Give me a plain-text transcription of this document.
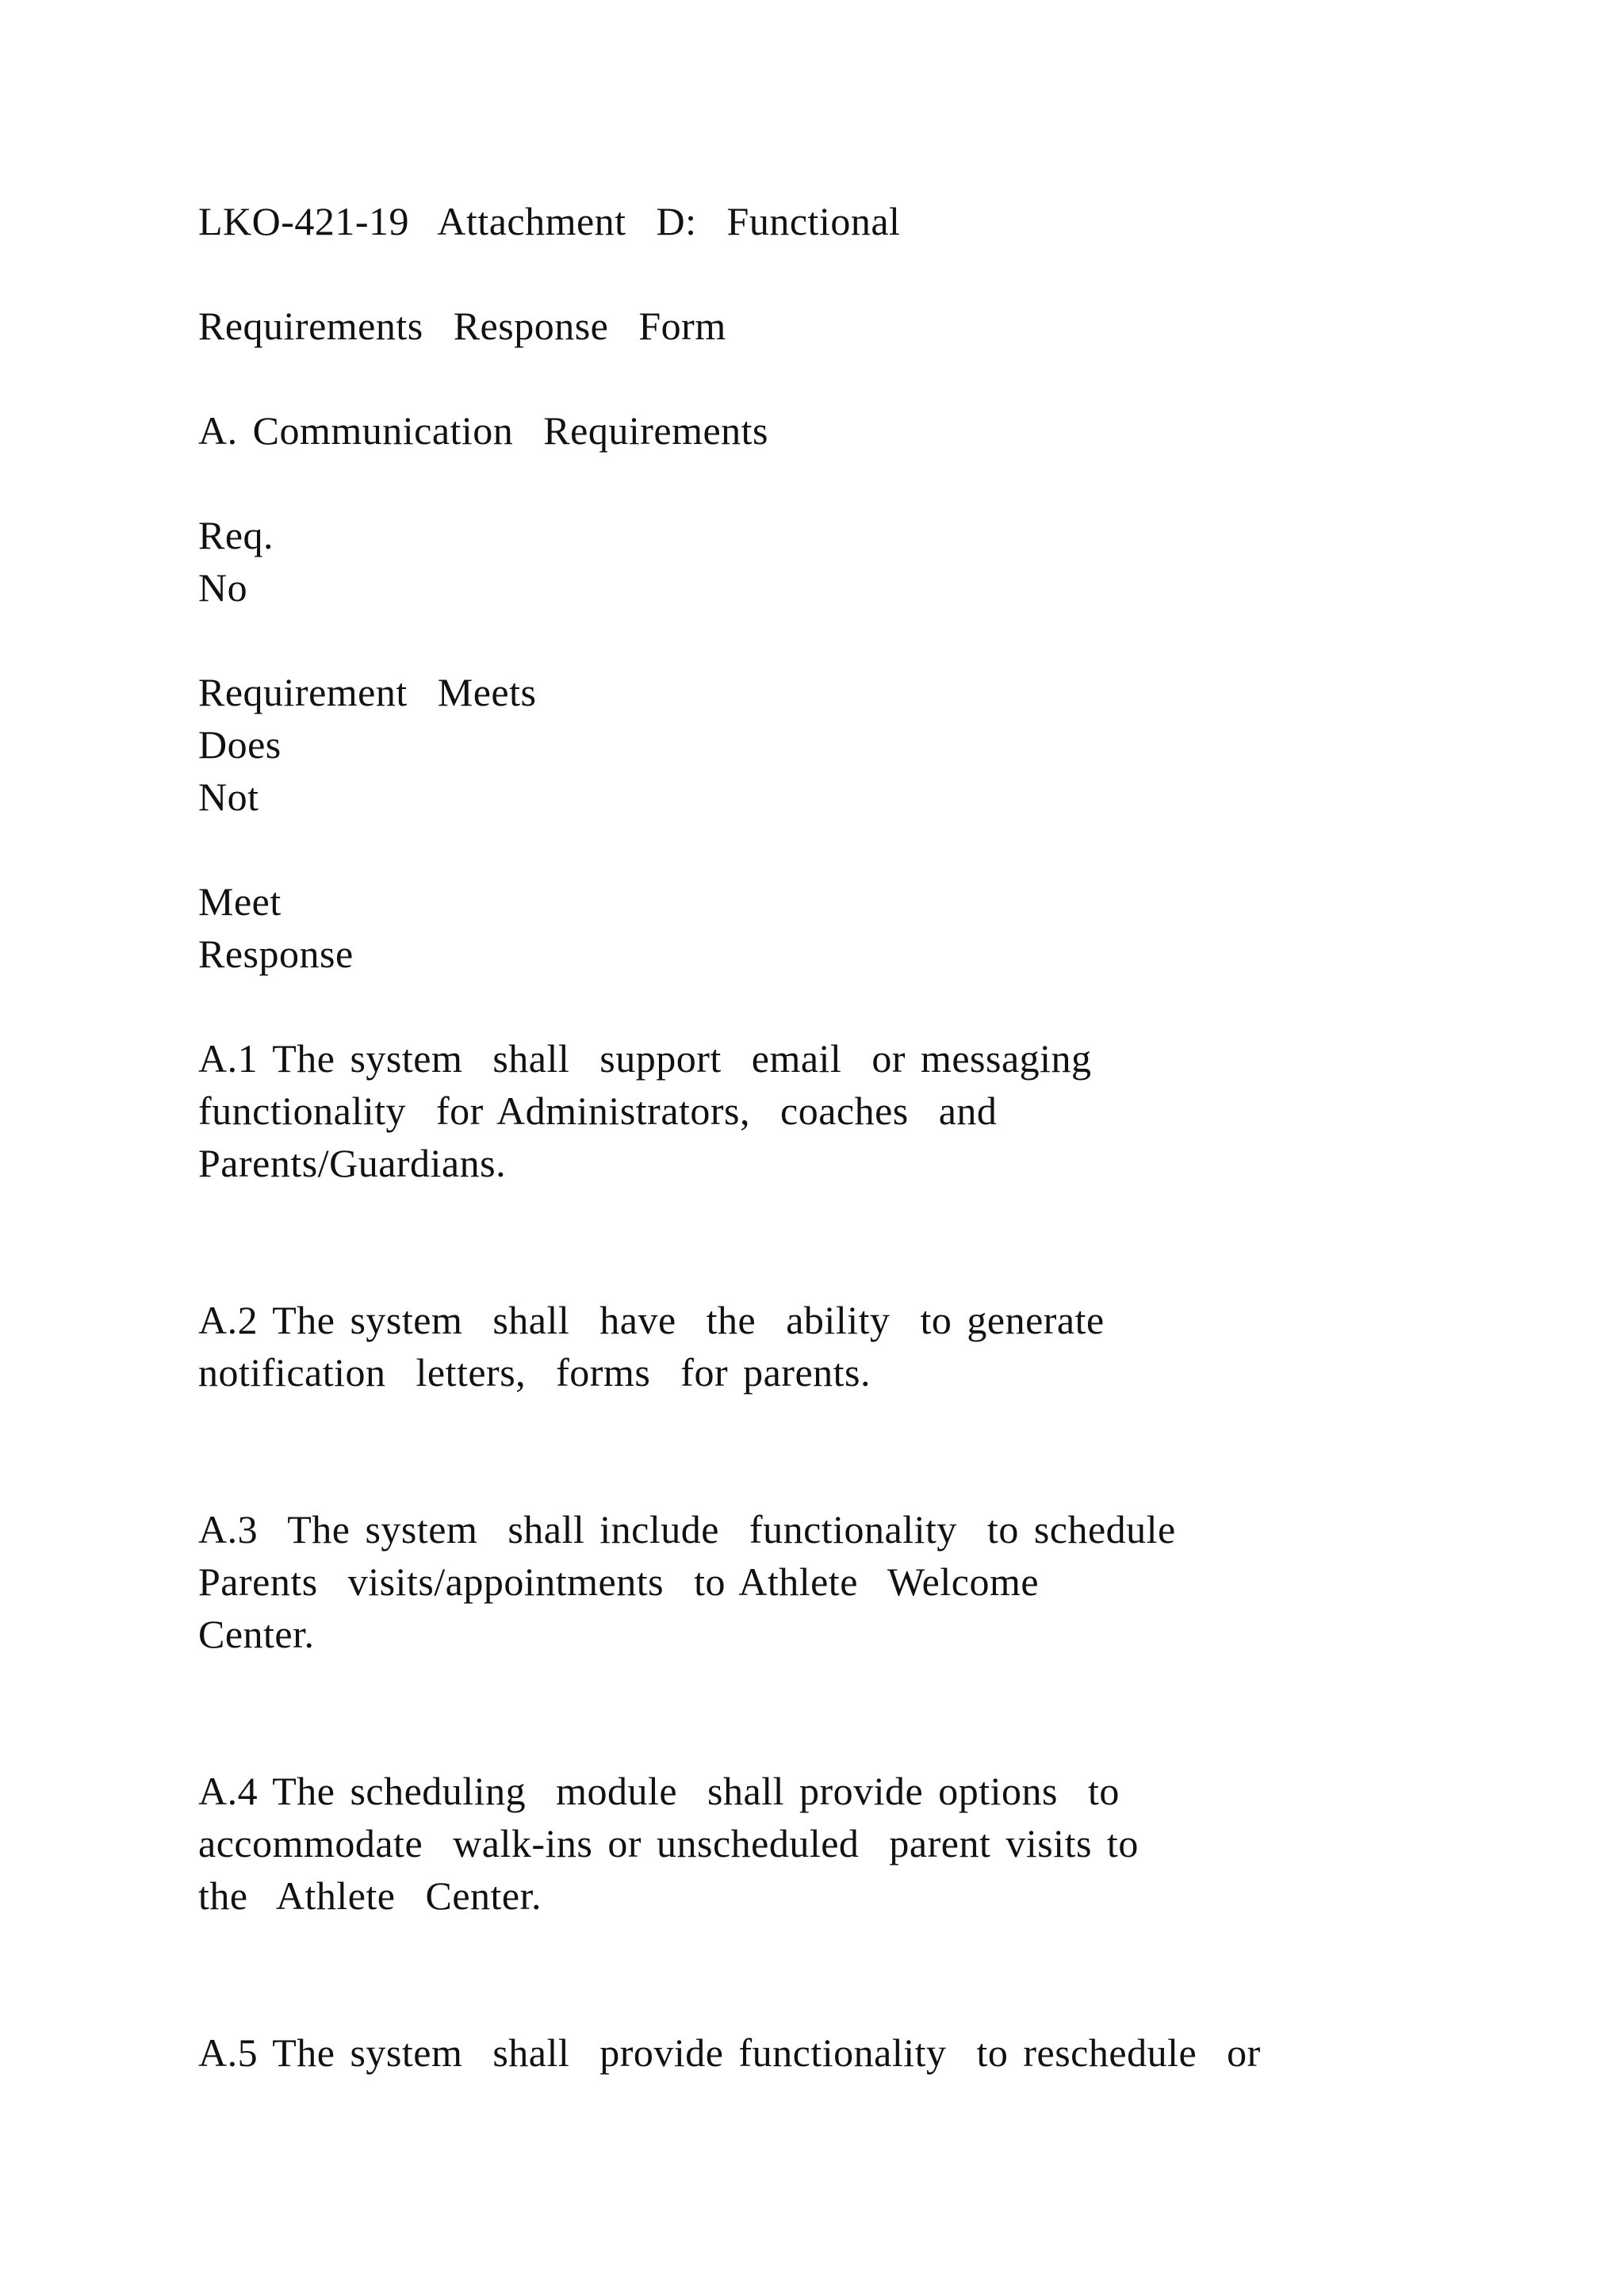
LKO-421-19  Attachment  D:  Functional
Requirements  Response  Form
A. Communication  Requirements
Req.
No
Requirement  Meets
Does
Not
Meet
Response
A.1 The system  shall  support  email  or messaging
functionality  for Administrators,  coaches  and
Parents/Guardians.
A.2 The system  shall  have  the  ability  to generate
notification  letters,  forms  for parents.
A.3  The system  shall include  functionality  to schedule
Parents  visits/appointments  to Athlete  Welcome
Center.
A.4 The scheduling  module  shall provide options  to
accommodate  walk-ins or unscheduled  parent visits to
the  Athlete  Center.
A.5 The system  shall  provide functionality  to reschedule  or
